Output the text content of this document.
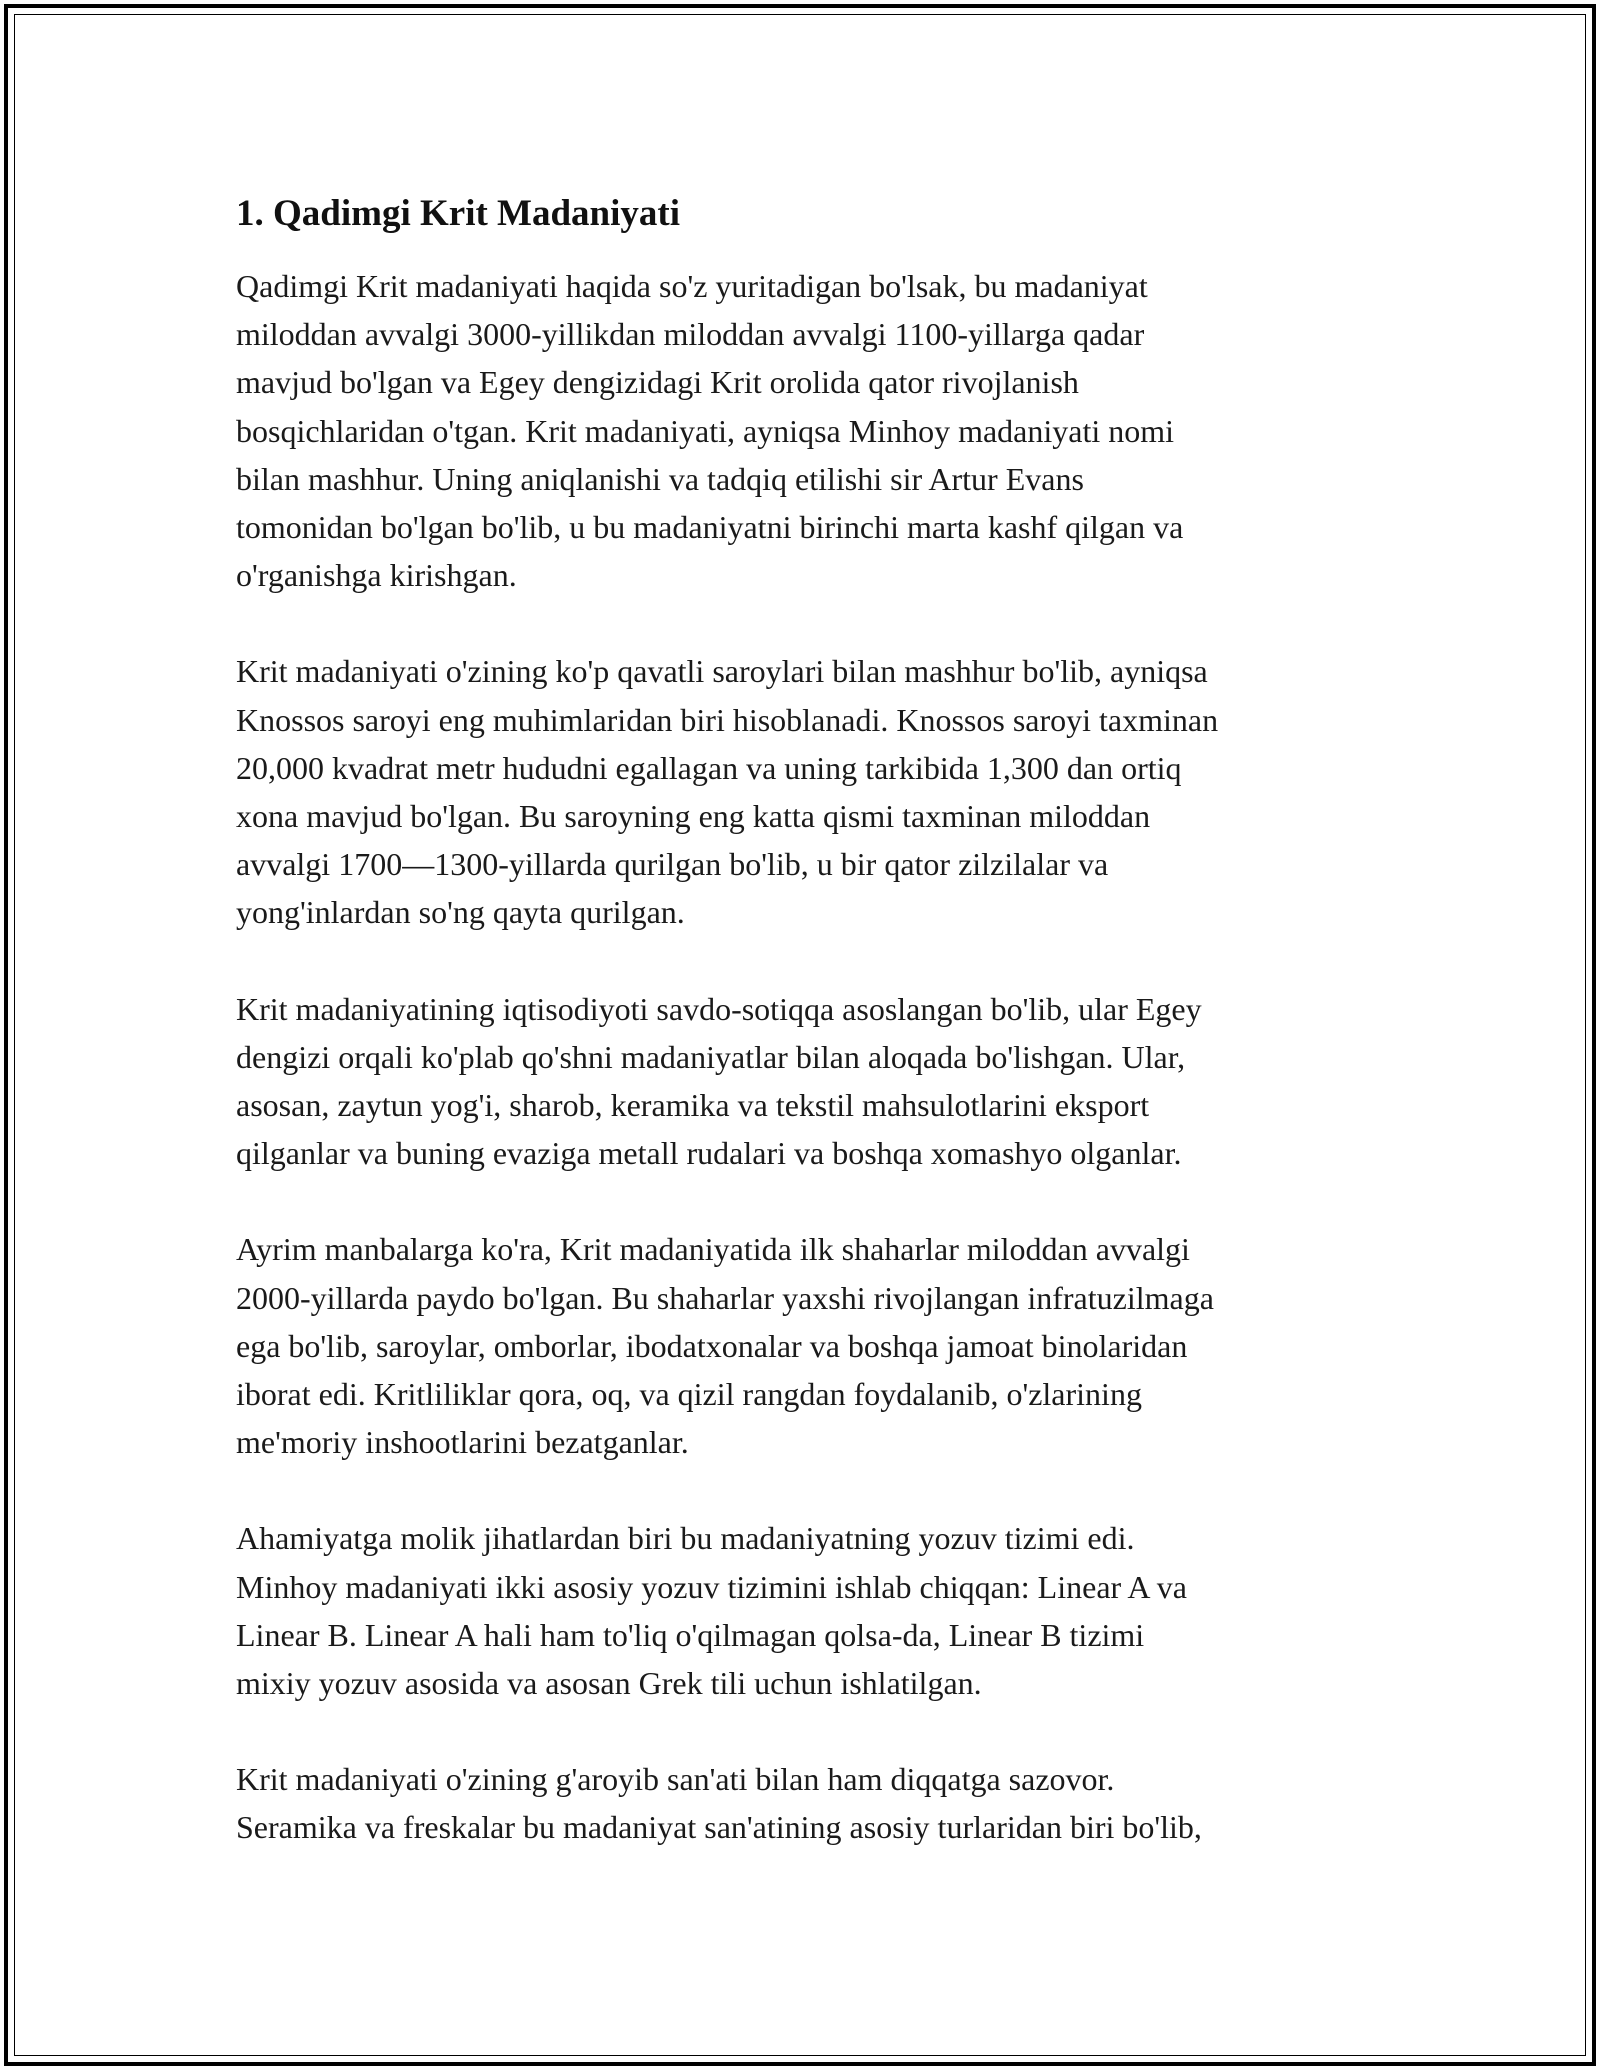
1. Qadimgi Krit Madaniyati

Qadimgi Krit madaniyati haqida so'z yuritadigan bo'lsak, bu madaniyat
miloddan avvalgi 3000-yillikdan miloddan avvalgi 1100-yillarga qadar
mavjud bo'lgan va Egey dengizidagi Krit orolida qator rivojlanish
bosqichlaridan o'tgan. Krit madaniyati, ayniqsa Minhoy madaniyati nomi
bilan mashhur. Uning aniqlanishi va tadqiq etilishi sir Artur Evans
tomonidan bo'lgan bo'lib, u bu madaniyatni birinchi marta kashf qilgan va
o'rganishga kirishgan.

Krit madaniyati o'zining ko'p qavatli saroylari bilan mashhur bo'lib, ayniqsa
Knossos saroyi eng muhimlaridan biri hisoblanadi. Knossos saroyi taxminan
20,000 kvadrat metr hududni egallagan va uning tarkibida 1,300 dan ortiq
xona mavjud bo'lgan. Bu saroyning eng katta qismi taxminan miloddan
avvalgi 1700—1300-yillarda qurilgan bo'lib, u bir qator zilzilalar va
yong'inlardan so'ng qayta qurilgan.

Krit madaniyatining iqtisodiyoti savdo-sotiqqa asoslangan bo'lib, ular Egey
dengizi orqali ko'plab qo'shni madaniyatlar bilan aloqada bo'lishgan. Ular,
asosan, zaytun yog'i, sharob, keramika va tekstil mahsulotlarini eksport
qilganlar va buning evaziga metall rudalari va boshqa xomashyo olganlar.

Ayrim manbalarga ko'ra, Krit madaniyatida ilk shaharlar miloddan avvalgi
2000-yillarda paydo bo'lgan. Bu shaharlar yaxshi rivojlangan infratuzilmaga
ega bo'lib, saroylar, omborlar, ibodatxonalar va boshqa jamoat binolaridan
iborat edi. Kritliliklar qora, oq, va qizil rangdan foydalanib, o'zlarining
me'moriy inshootlarini bezatganlar.

Ahamiyatga molik jihatlardan biri bu madaniyatning yozuv tizimi edi.
Minhoy madaniyati ikki asosiy yozuv tizimini ishlab chiqqan: Linear A va
Linear B. Linear A hali ham to'liq o'qilmagan qolsa-da, Linear B tizimi
mixiy yozuv asosida va asosan Grek tili uchun ishlatilgan.

Krit madaniyati o'zining g'aroyib san'ati bilan ham diqqatga sazovor.
Seramika va freskalar bu madaniyat san'atining asosiy turlaridan biri bo'lib,
